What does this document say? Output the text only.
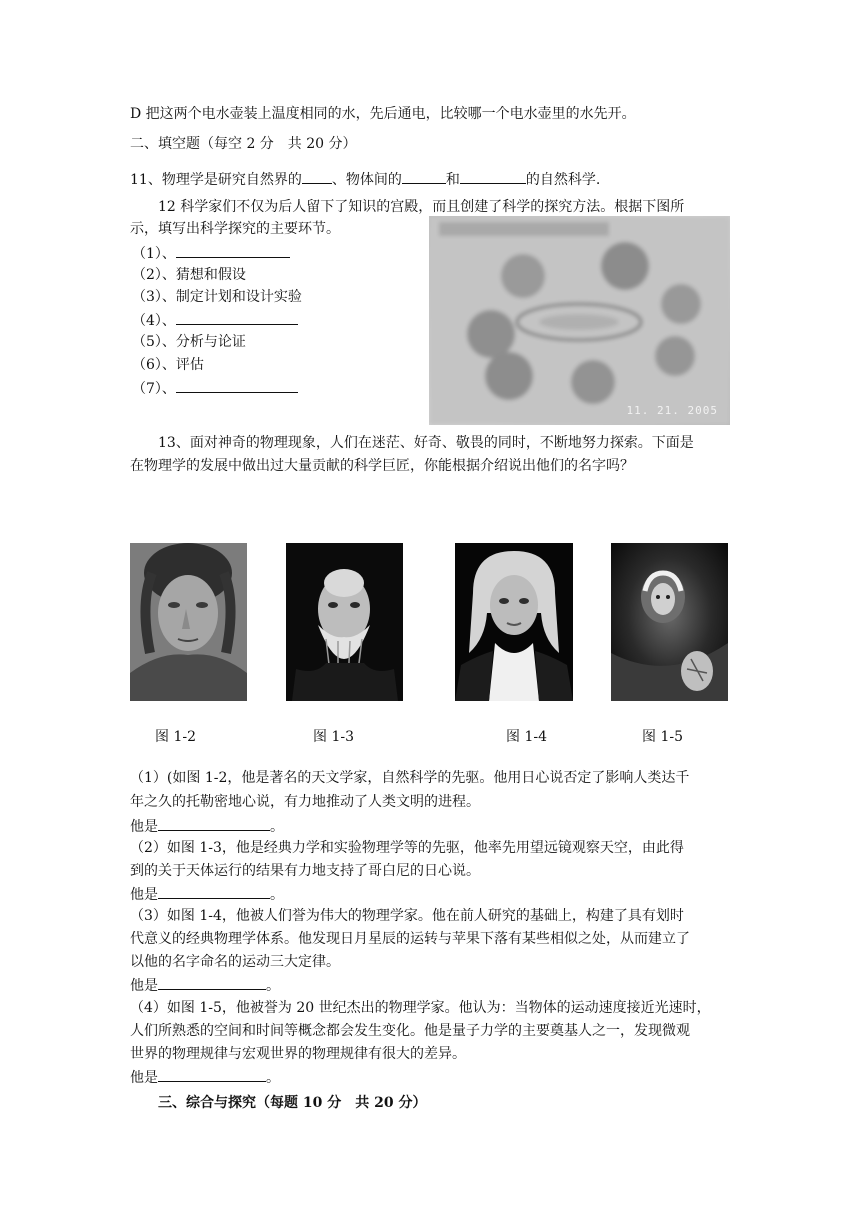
D 把这两个电水壶装上温度相同的水，先后通电，比较哪一个电水壶里的水先开。
二、填空题（每空 2 分　共 20 分）
11、物理学是研究自然界的 、物体间的	和	的自然科学.
12 科学家们不仅为后人留下了知识的宫殿，而且创建了科学的探究方法。根据下图所
示，填写出科学探究的主要环节。
（1）、
（2）、猜想和假设
（3）、制定计划和设计实验
（4）、
（5）、分析与论证
（6）、评估
（7）、
11. 21. 2005
13、面对神奇的物理现象，人们在迷茫、好奇、敬畏的同时，不断地努力探索。下面是
在物理学的发展中做出过大量贡献的科学巨匠，你能根据介绍说出他们的名字吗？
图 1-2	图 1-3	图 1-4	图 1-5
（1）(如图 1-2，他是著名的天文学家，自然科学的先驱。他用日心说否定了影响人类达千
年之久的托勒密地心说，有力地推动了人类文明的进程。
他是	。
（2）如图 1-3，他是经典力学和实验物理学等的先驱，他率先用望远镜观察天空，由此得
到的关于天体运行的结果有力地支持了哥白尼的日心说。
他是	。
（3）如图 1-4，他被人们誉为伟大的物理学家。他在前人研究的基础上，构建了具有划时
代意义的经典物理学体系。他发现日月星辰的运转与苹果下落有某些相似之处，从而建立了
以他的名字命名的运动三大定律。
他是	。
（4）如图 1-5，他被誉为 20 世纪杰出的物理学家。他认为：当物体的运动速度接近光速时，
人们所熟悉的空间和时间等概念都会发生变化。他是量子力学的主要奠基人之一，发现微观
世界的物理规律与宏观世界的物理规律有很大的差异。
他是	。
三、综合与探究（每题 10 分　共 20 分）
